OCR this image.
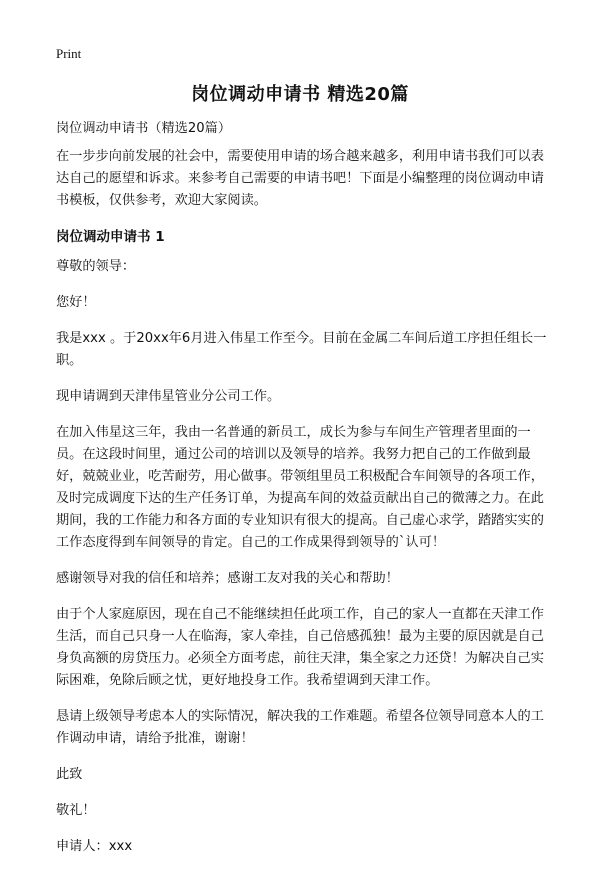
Print
岗位调动申请书 精选20篇

岗位调动申请书（精选20篇）

在一步步向前发展的社会中，需要使用申请的场合越来越多，利用申请书我们可以表达自己的愿望和诉求。来参考自己需要的申请书吧！下面是小编整理的岗位调动申请书模板，仅供参考，欢迎大家阅读。

岗位调动申请书 1

尊敬的领导：

您好！

我是xxx 。于20xx年6月进入伟星工作至今。目前在金属二车间后道工序担任组长一职。

现申请调到天津伟星管业分公司工作。

在加入伟星这三年，我由一名普通的新员工，成长为参与车间生产管理者里面的一员。在这段时间里，通过公司的培训以及领导的培养。我努力把自己的工作做到最好，兢兢业业，吃苦耐劳，用心做事。带领组里员工积极配合车间领导的各项工作，及时完成调度下达的生产任务订单，为提高车间的效益贡献出自己的微薄之力。在此期间，我的工作能力和各方面的专业知识有很大的提高。自己虚心求学，踏踏实实的工作态度得到车间领导的肯定。自己的工作成果得到领导的`认可！

感谢领导对我的信任和培养；感谢工友对我的关心和帮助！

由于个人家庭原因，现在自己不能继续担任此项工作，自己的家人一直都在天津工作生活，而自己只身一人在临海，家人牵挂，自己倍感孤独！最为主要的原因就是自己身负高额的房贷压力。必须全方面考虑，前往天津，集全家之力还贷！为解决自己实际困难，免除后顾之忧，更好地投身工作。我希望调到天津工作。

恳请上级领导考虑本人的实际情况，解决我的工作难题。希望各位领导同意本人的工作调动申请，请给予批准，谢谢！

此致

敬礼！

申请人：xxx
